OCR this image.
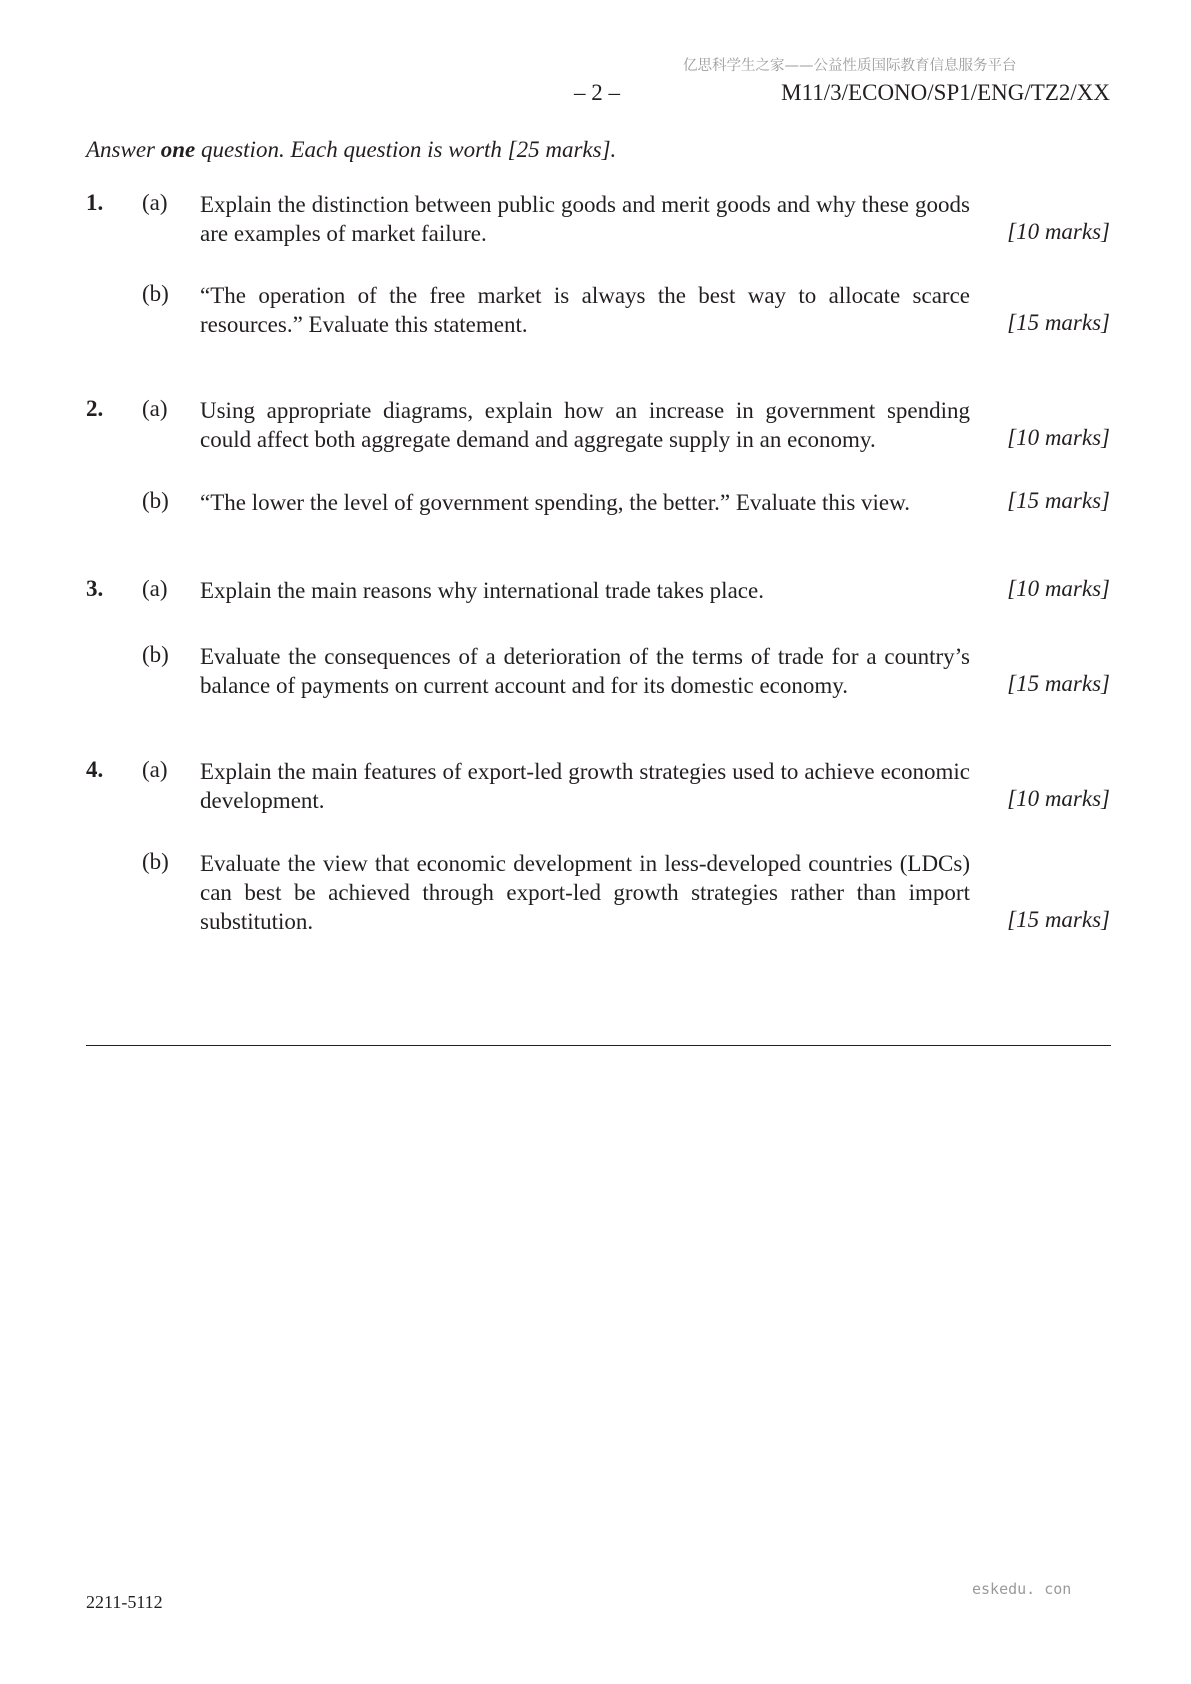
亿思科学生之家——公益性质国际教育信息服务平台
– 2 –	M11/3/ECONO/SP1/ENG/TZ2/XX
Answer one question. Each question is worth [25 marks].
1. (a) Explain the distinction between public goods and merit goods and why these goods are examples of market failure.	[10 marks]
(b) “The operation of the free market is always the best way to allocate scarce resources.” Evaluate this statement.	[15 marks]
2. (a) Using appropriate diagrams, explain how an increase in government spending could affect both aggregate demand and aggregate supply in an economy.	[10 marks]
(b) “The lower the level of government spending, the better.” Evaluate this view.	[15 marks]
3. (a) Explain the main reasons why international trade takes place.	[10 marks]
(b) Evaluate the consequences of a deterioration of the terms of trade for a country’s balance of payments on current account and for its domestic economy.	[15 marks]
4. (a) Explain the main features of export-led growth strategies used to achieve economic development.	[10 marks]
(b) Evaluate the view that economic development in less-developed countries (LDCs) can best be achieved through export-led growth strategies rather than import substitution.	[15 marks]
2211-5112
eskedu. con
